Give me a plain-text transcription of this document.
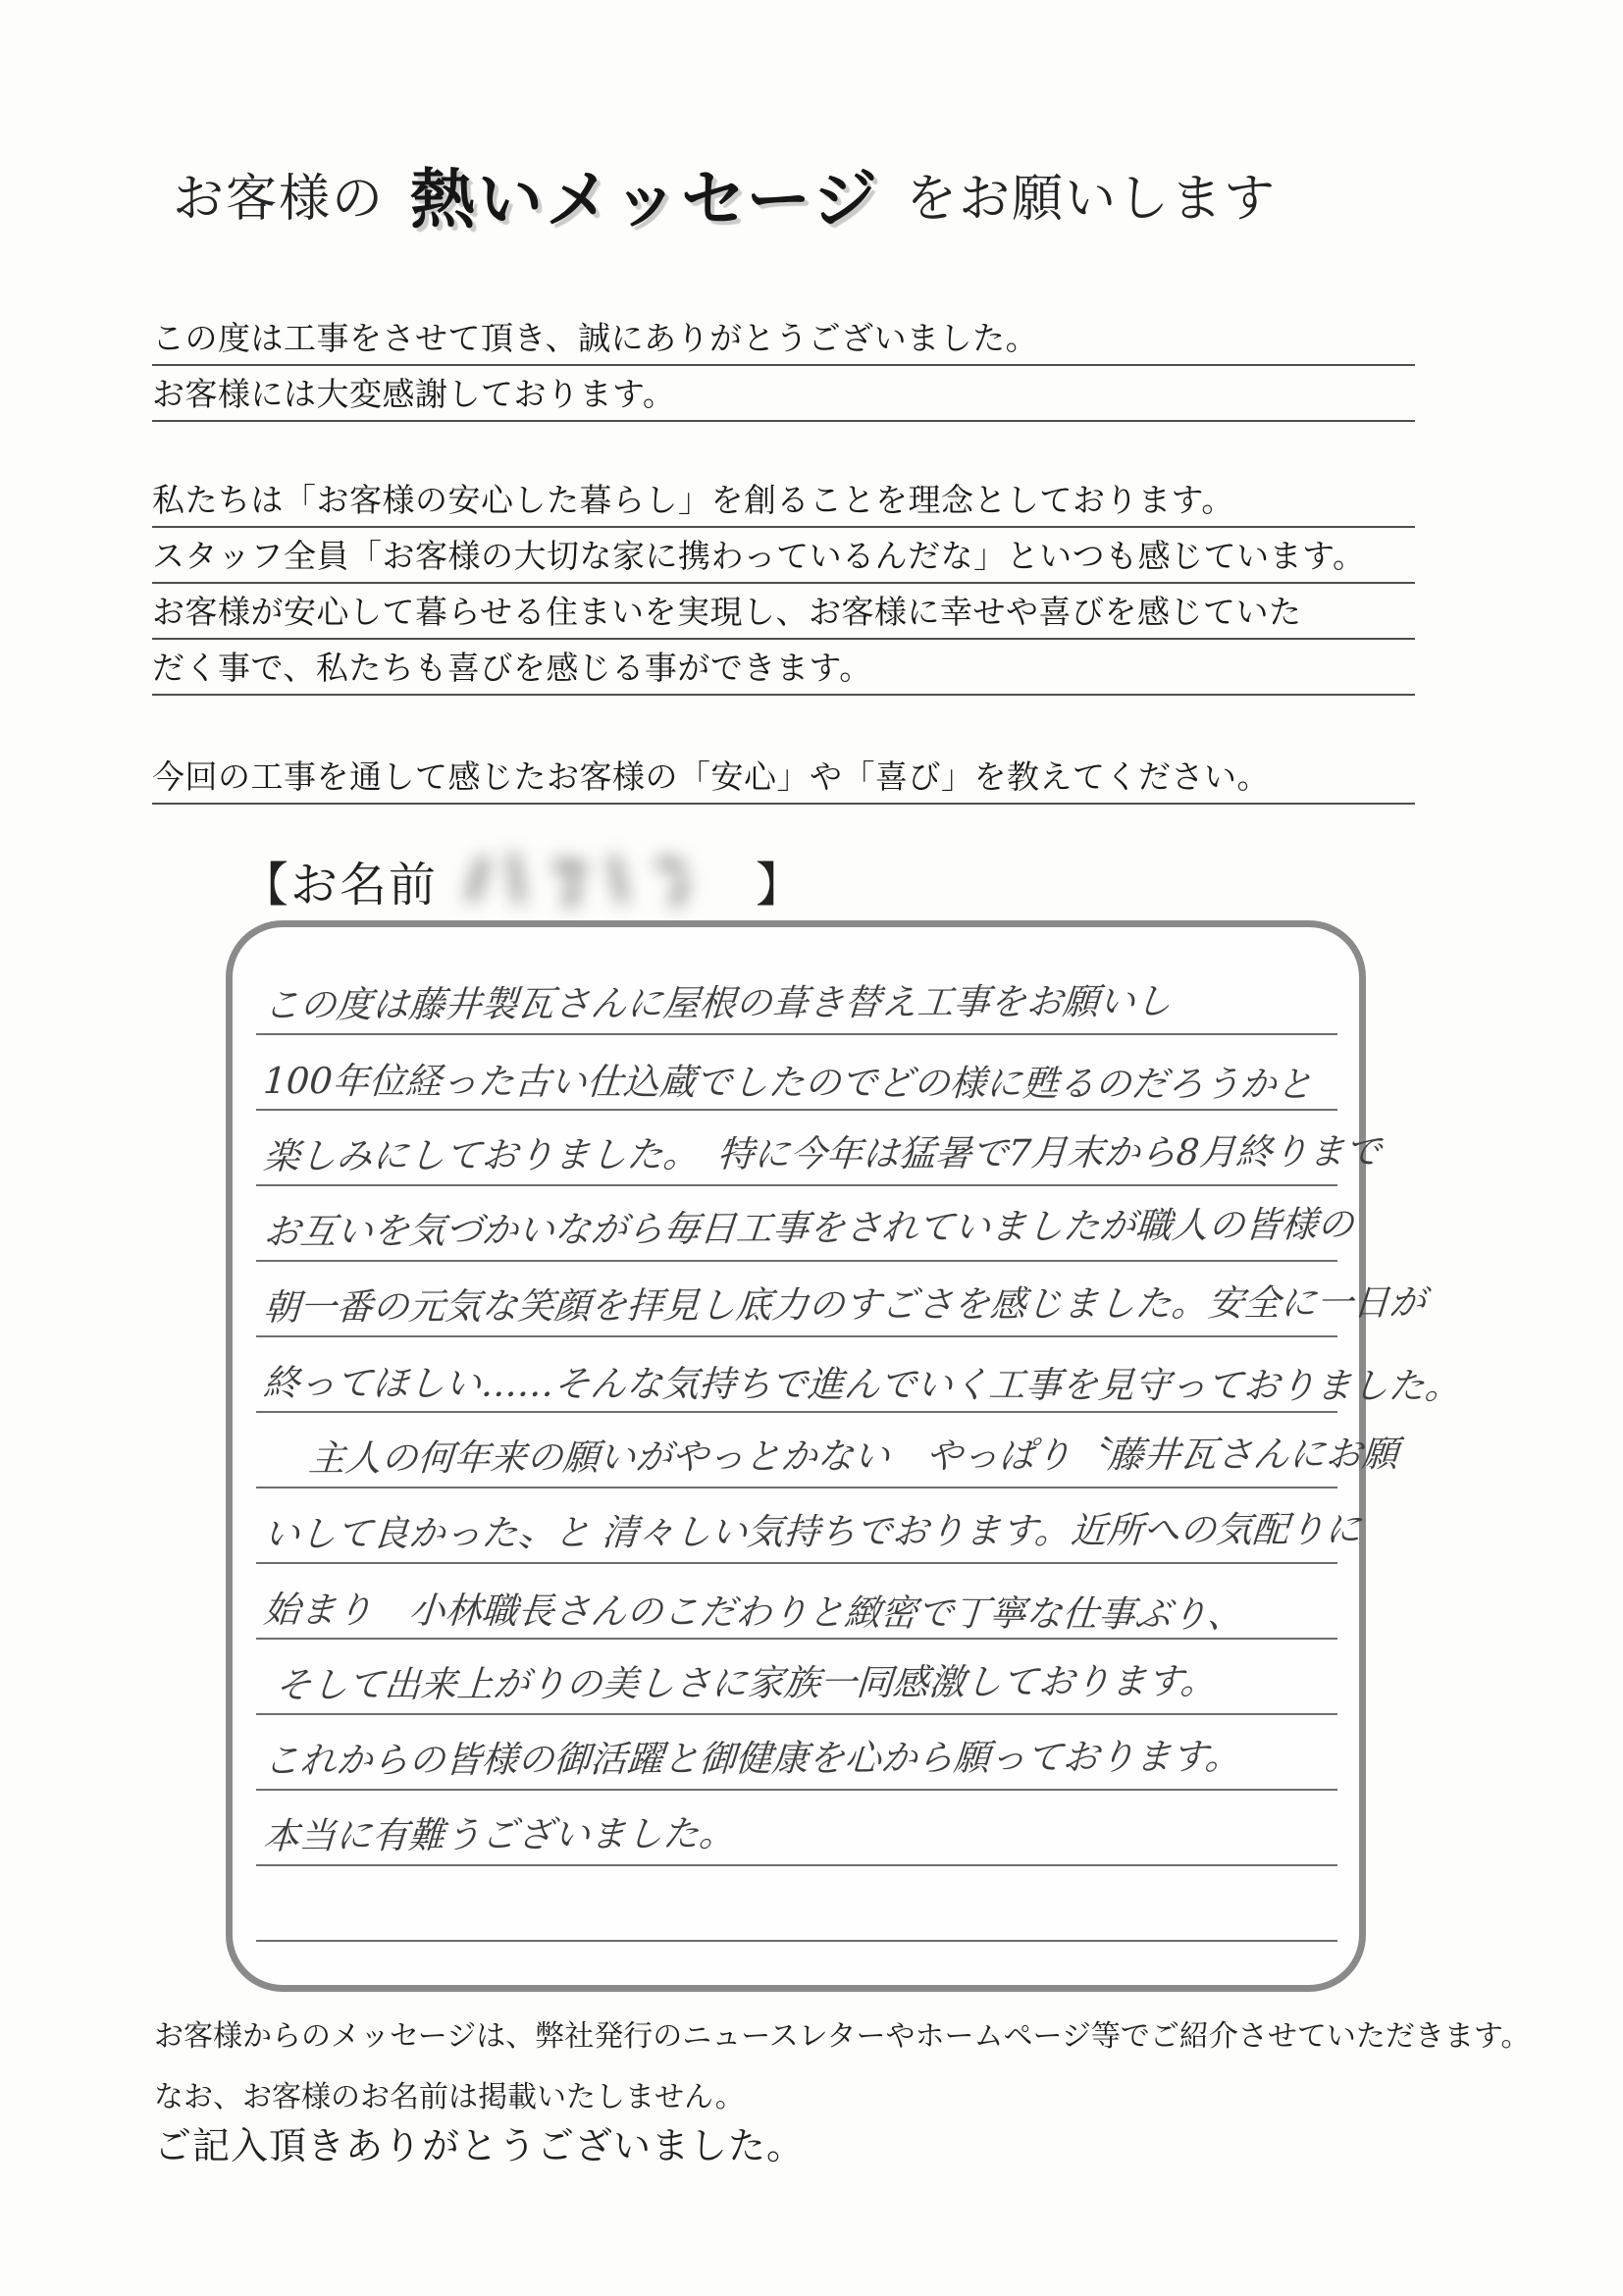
お客様の 熱いメッセージ をお願いします
この度は工事をさせて頂き、誠にありがとうございました。
お客様には大変感謝しております。
私たちは「お客様の安心した暮らし」を創ることを理念としております。
スタッフ全員「お客様の大切な家に携わっているんだな」といつも感じています。
お客様が安心して暮らせる住まいを実現し、お客様に幸せや喜びを感じていた
だく事で、私たちも喜びを感じる事ができます。
今回の工事を通して感じたお客様の「安心」や「喜び」を教えてください。
【お名前	】
この度は藤井製瓦さんに屋根の葺き替え工事をお願いし
100年位経った古い仕込蔵でしたのでどの様に甦るのだろうかと
楽しみにしておりました。　特に今年は猛暑で7月末から8月終りまで
お互いを気づかいながら毎日工事をされていましたが職人の皆様の
朝一番の元気な笑顔を拝見し底力のすごさを感じました。安全に一日が
終ってほしい……そんな気持ちで進んでいく工事を見守っておりました。
主人の何年来の願いがやっとかない　やっぱり〝藤井瓦さんにお願
いして良かった〟と 清々しい気持ちでおります。近所への気配りに
始まり　小林職長さんのこだわりと緻密で丁寧な仕事ぶり、
そして出来上がりの美しさに家族一同感激しております。
これからの皆様の御活躍と御健康を心から願っております。
本当に有難うございました。
お客様からのメッセージは、弊社発行のニュースレターやホームページ等でご紹介させていただきます。
なお、お客様のお名前は掲載いたしません。
ご記入頂きありがとうございました。
